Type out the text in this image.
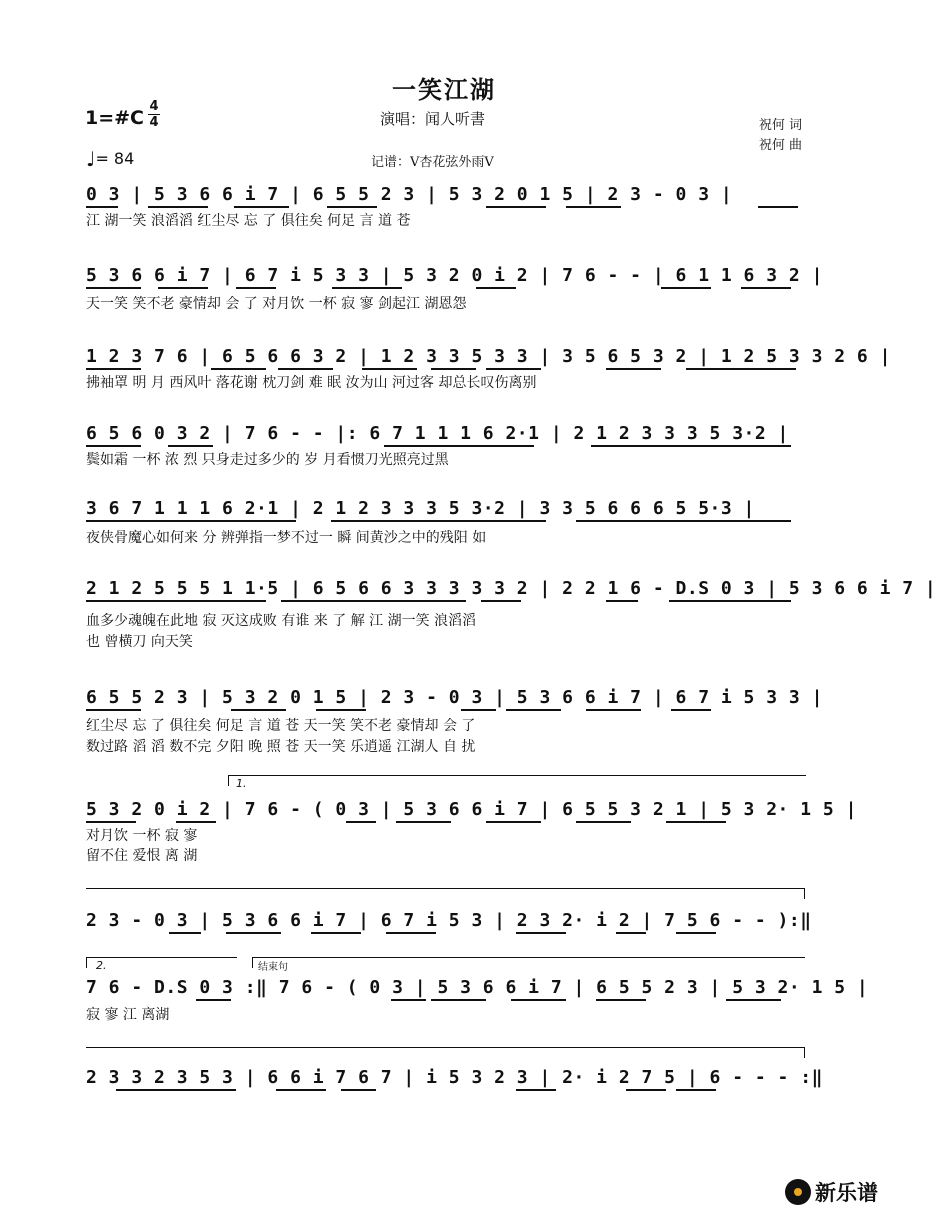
一笑江湖
1=#C
4
4	演唱：闻人听書	祝何 词
祝何 曲
♩= 84	记谱：V杏花弦外雨V
0 3 | 5 3 6 6 i 7 | 6 5 5 2 3 | 5 3 2 0 1 5 | 2 3 - 0 3 |
江 湖一笑 浪滔滔 红尘尽 忘 了 俱往矣 何足 言 道 苍
5 3 6 6 i 7 | 6 7 i 5 3 3 | 5 3 2 0 i 2 | 7 6 - - | 6 1 1 6 3 2 |
天一笑 笑不老 豪情却 会 了 对月饮 一杯 寂 寥 剑起江 湖恩怨
1 2 3 7 6 | 6 5 6 6 3 2 | 1 2 3 3 5 3 3 | 3 5 6 5 3 2 | 1 2 5 3 3 2 6 |
拂袖罩 明 月 西风叶 落花谢 枕刀剑 难 眠 汝为山 河过客 却总长叹伤离别
6 5 6 0 3 2 | 7 6 - - |: 6 7 1 1 1 6 2·1 | 2 1 2 3 3 3 5 3·2 |
鬓如霜 一杯 浓 烈 只身走过多少的 岁 月看惯刀光照亮过黑
3 6 7 1 1 1 6 2·1 | 2 1 2 3 3 3 5 3·2 | 3 3 5 6 6 6 5 5·3 |
夜侠骨魔心如何来 分 辨弹指一梦不过一 瞬 间黄沙之中的残阳 如
2 1 2 5 5 5 1 1·5 | 6 5 6 6 3 3 3 3 3 2 | 2 2 1 6 - D.S 0 3 | 5 3 6 6 i 7 |
血多少魂魄在此地 寂 灭这成败 有谁 来 了 解 江 湖一笑 浪滔滔
也 曾横刀 向天笑
6 5 5 2 3 | 5 3 2 0 1 5 | 2 3 - 0 3 | 5 3 6 6 i 7 | 6 7 i 5 3 3 |
红尘尽 忘 了 俱往矣 何足 言 道 苍 天一笑 笑不老 豪情却 会 了
数过路 滔 滔 数不完 夕阳 晚 照 苍 天一笑 乐逍遥 江湖人 自 扰
1.
5 3 2 0 i 2 | 7 6 - ( 0 3 | 5 3 6 6 i 7 | 6 5 5 3 2 1 | 5 3 2· 1 5 |
对月饮 一杯 寂 寥
留不住 爱恨 离 湖
2 3 - 0 3 | 5 3 6 6 i 7 | 6 7 i 5 3 | 2 3 2· i 2 | 7 5 6 - - ):‖
2.	结束句
7 6 - D.S 0 3 :‖ 7 6 - ( 0 3 | 5 3 6 6 i 7 | 6 5 5 2 3 | 5 3 2· 1 5 |
寂 寥 江 离湖
2 3 3 2 3 5 3 | 6 6 i 7 6 7 | i 5 3 2 3 | 2· i 2 7 5 | 6 - - - :‖
新乐谱
